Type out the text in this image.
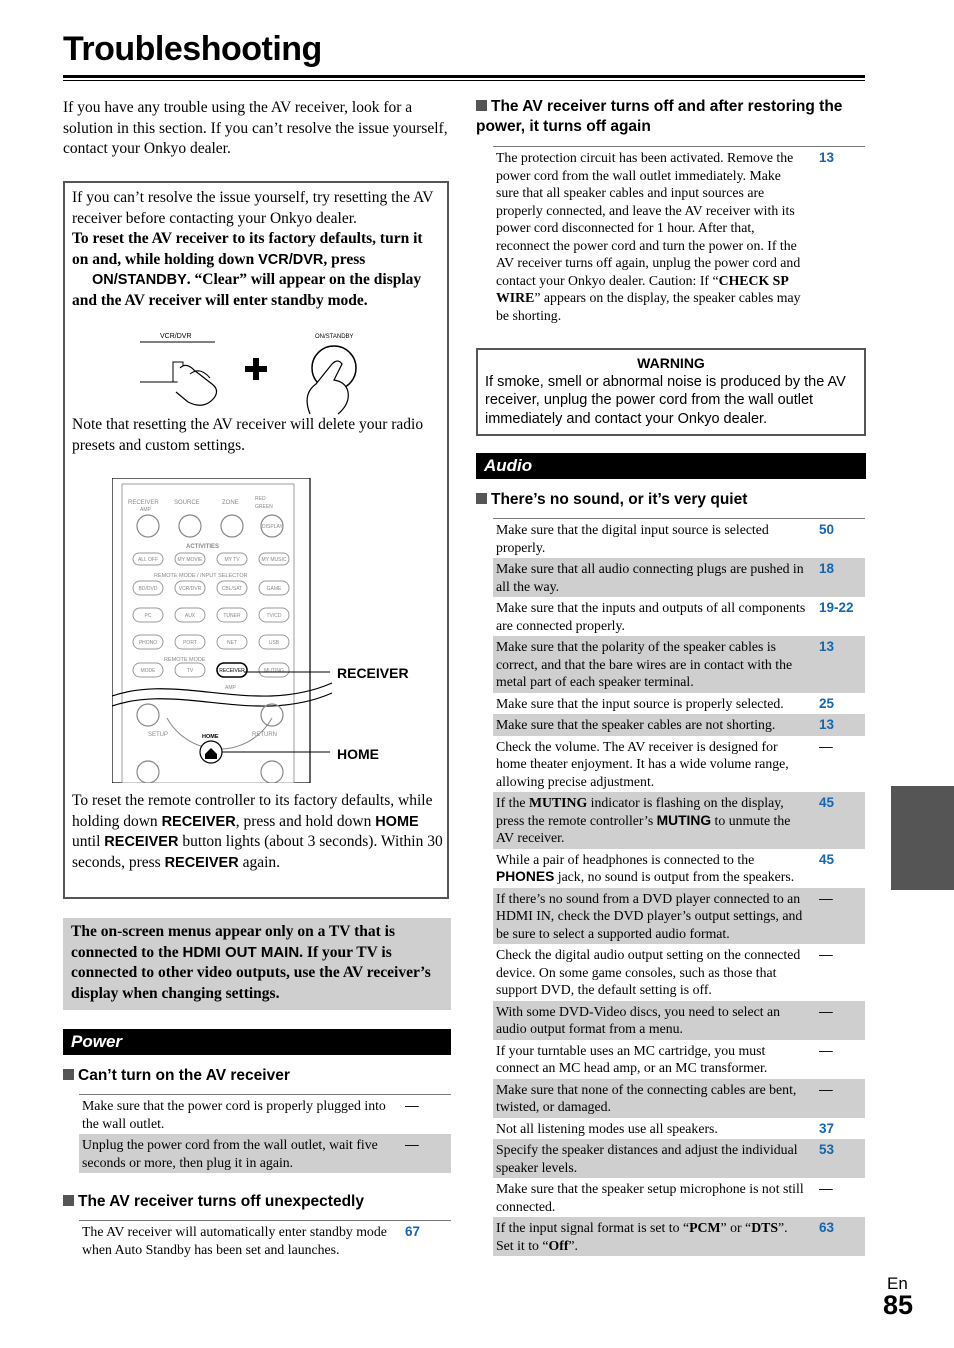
Troubleshooting
If you have any trouble using the AV receiver, look for a solution in this section. If you can’t resolve the issue yourself, contact your Onkyo dealer.

If you can’t resolve the issue yourself, try resetting the AV receiver before contacting your Onkyo dealer.

To reset the AV receiver to its factory defaults, turn it on and, while holding down VCR/DVR, press
ON/STANDBY. “Clear” will appear on the display and the AV receiver will enter standby mode.

VCR/DVR	ON/STANDBY

Note that resetting the AV receiver will delete your radio presets and custom settings.

RECEIVER	SOURCE	ZONE
RED
GREEN
AMP
ACTIVITIES
REMOTE MODE / INPUT SELECTOR
REMOTE MODE
SETUP	RETURN
AMP
DISPLAY
ALL OFF	MY MOVIE	MY TV	MY MUSIC
BD/DVD	VCR/DVR	CBL/SAT	GAME
PC	AUX	TUNER	TV/CD
PHONO	PORT	NET	USB
MODE	TV	RECEIVER	MUTING
HOME
RECEIVER
HOME

To reset the remote controller to its factory defaults, while holding down RECEIVER, press and hold down HOME until RECEIVER button lights (about 3 seconds). Within 30 seconds, press RECEIVER again.

The on-screen menus appear only on a TV that is connected to the HDMI OUT MAIN. If your TV is connected to other video outputs, use the AV receiver’s display when changing settings.
Power
Can’t turn on the AV receiver
Make sure that the power cord is properly plugged into the wall outlet.	—
Unplug the power cord from the wall outlet, wait five seconds or more, then plug it in again.	—
The AV receiver turns off unexpectedly
The AV receiver will automatically enter standby mode when Auto Standby has been set and launches.	67
The AV receiver turns off and after restoring the power, it turns off again
The protection circuit has been activated. Remove the power cord from the wall outlet immediately. Make sure that all speaker cables and input sources are properly connected, and leave the AV receiver with its power cord disconnected for 1 hour. After that, reconnect the power cord and turn the power on. If the AV receiver turns off again, unplug the power cord and contact your Onkyo dealer. Caution: If “CHECK SP WIRE” appears on the display, the speaker cables may be shorting.	13
WARNING
If smoke, smell or abnormal noise is produced by the AV receiver, unplug the power cord from the wall outlet immediately and contact your Onkyo dealer.
Audio
There’s no sound, or it’s very quiet
Make sure that the digital input source is selected properly.	50
Make sure that all audio connecting plugs are pushed in all the way.	18
Make sure that the inputs and outputs of all components are connected properly.	19-22
Make sure that the polarity of the speaker cables is correct, and that the bare wires are in contact with the metal part of each speaker terminal.	13
Make sure that the input source is properly selected.	25
Make sure that the speaker cables are not shorting.	13
Check the volume. The AV receiver is designed for home theater enjoyment. It has a wide volume range, allowing precise adjustment.	—
If the MUTING indicator is flashing on the display, press the remote controller’s MUTING to unmute the AV receiver.	45
While a pair of headphones is connected to the PHONES jack, no sound is output from the speakers.	45
If there’s no sound from a DVD player connected to an HDMI IN, check the DVD player’s output settings, and be sure to select a supported audio format.	—
Check the digital audio output setting on the connected device. On some game consoles, such as those that support DVD, the default setting is off.	—
With some DVD-Video discs, you need to select an audio output format from a menu.	—
If your turntable uses an MC cartridge, you must connect an MC head amp, or an MC transformer.	—
Make sure that none of the connecting cables are bent, twisted, or damaged.	—
Not all listening modes use all speakers.	37
Specify the speaker distances and adjust the individual speaker levels.	53
Make sure that the speaker setup microphone is not still connected.	—
If the input signal format is set to “PCM” or “DTS”. Set it to “Off”.	63
En
85
